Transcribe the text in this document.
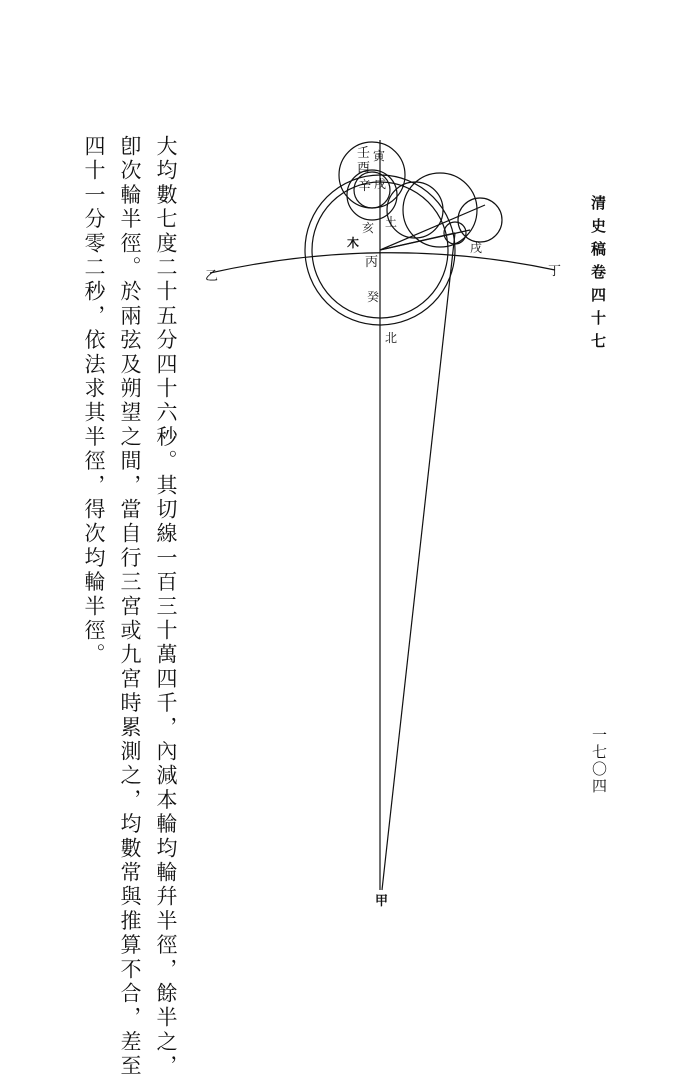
清史稿卷四十七
一七〇四
大均數七度二十五分四十六秒。其切線一百三十萬四千，內減本輪均輪幷半徑，餘半之，
卽次輪半徑。於兩弦及朔望之間，當自行三宮或九宮時累測之，均數常與推算不合，差至
四十一分零二秒，依法求其半徑，得次均輪半徑。	壬
酉
寅
戌
辛
土
亥
木
丙
癸
北
乙	丁
戌
甲
